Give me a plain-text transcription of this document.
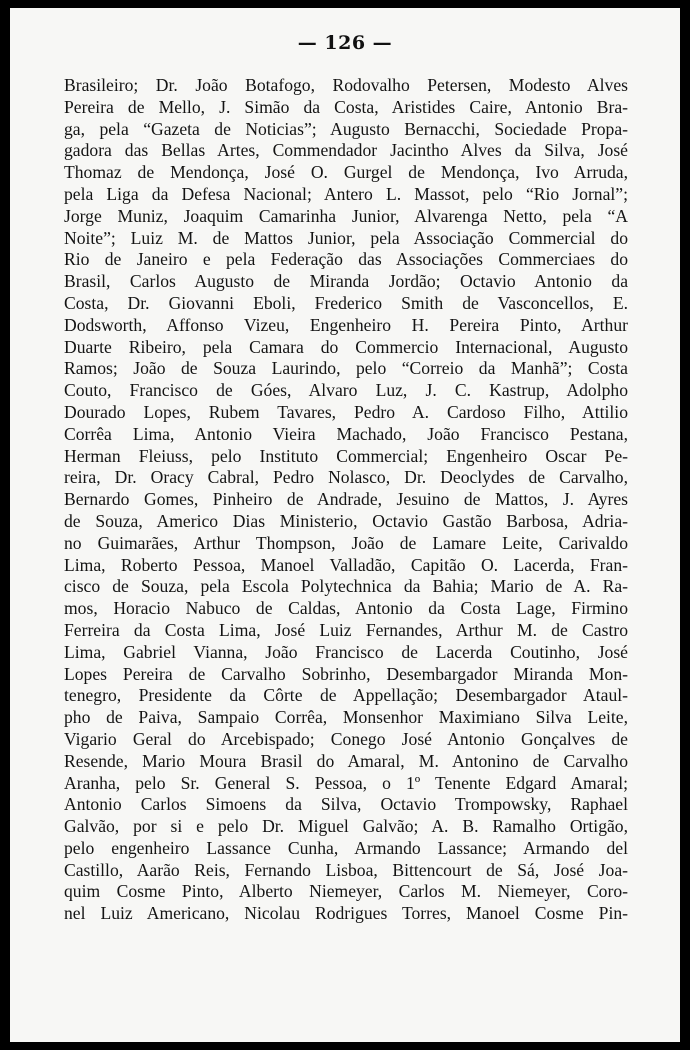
— 126 —
Brasileiro; Dr. João Botafogo, Rodovalho Petersen, Modesto Alves
Pereira de Mello, J. Simão da Costa, Aristides Caire, Antonio Bra-
ga, pela “Gazeta de Noticias”; Augusto Bernacchi, Sociedade Propa-
gadora das Bellas Artes, Commendador Jacintho Alves da Silva, José
Thomaz de Mendonça, José O. Gurgel de Mendonça, Ivo Arruda,
pela Liga da Defesa Nacional; Antero L. Massot, pelo “Rio Jornal”;
Jorge Muniz, Joaquim Camarinha Junior, Alvarenga Netto, pela “A
Noite”; Luiz M. de Mattos Junior, pela Associação Commercial do
Rio de Janeiro e pela Federação das Associações Commerciaes do
Brasil, Carlos Augusto de Miranda Jordão; Octavio Antonio da
Costa, Dr. Giovanni Eboli, Frederico Smith de Vasconcellos, E.
Dodsworth, Affonso Vizeu, Engenheiro H. Pereira Pinto, Arthur
Duarte Ribeiro, pela Camara do Commercio Internacional, Augusto
Ramos; João de Souza Laurindo, pelo “Correio da Manhã”; Costa
Couto, Francisco de Góes, Alvaro Luz, J. C. Kastrup, Adolpho
Dourado Lopes, Rubem Tavares, Pedro A. Cardoso Filho, Attilio
Corrêa Lima, Antonio Vieira Machado, João Francisco Pestana,
Herman Fleiuss, pelo Instituto Commercial; Engenheiro Oscar Pe-
reira, Dr. Oracy Cabral, Pedro Nolasco, Dr. Deoclydes de Carvalho,
Bernardo Gomes, Pinheiro de Andrade, Jesuino de Mattos, J. Ayres
de Souza, Americo Dias Ministerio, Octavio Gastão Barbosa, Adria-
no Guimarães, Arthur Thompson, João de Lamare Leite, Carivaldo
Lima, Roberto Pessoa, Manoel Valladão, Capitão O. Lacerda, Fran-
cisco de Souza, pela Escola Polytechnica da Bahia; Mario de A. Ra-
mos, Horacio Nabuco de Caldas, Antonio da Costa Lage, Firmino
Ferreira da Costa Lima, José Luiz Fernandes, Arthur M. de Castro
Lima, Gabriel Vianna, João Francisco de Lacerda Coutinho, José
Lopes Pereira de Carvalho Sobrinho, Desembargador Miranda Mon-
tenegro, Presidente da Côrte de Appellação; Desembargador Ataul-
pho de Paiva, Sampaio Corrêa, Monsenhor Maximiano Silva Leite,
Vigario Geral do Arcebispado; Conego José Antonio Gonçalves de
Resende, Mario Moura Brasil do Amaral, M. Antonino de Carvalho
Aranha, pelo Sr. General S. Pessoa, o 1º Tenente Edgard Amaral;
Antonio Carlos Simoens da Silva, Octavio Trompowsky, Raphael
Galvão, por si e pelo Dr. Miguel Galvão; A. B. Ramalho Ortigão,
pelo engenheiro Lassance Cunha, Armando Lassance; Armando del
Castillo, Aarão Reis, Fernando Lisboa, Bittencourt de Sá, José Joa-
quim Cosme Pinto, Alberto Niemeyer, Carlos M. Niemeyer, Coro-
nel Luiz Americano, Nicolau Rodrigues Torres, Manoel Cosme Pin-
